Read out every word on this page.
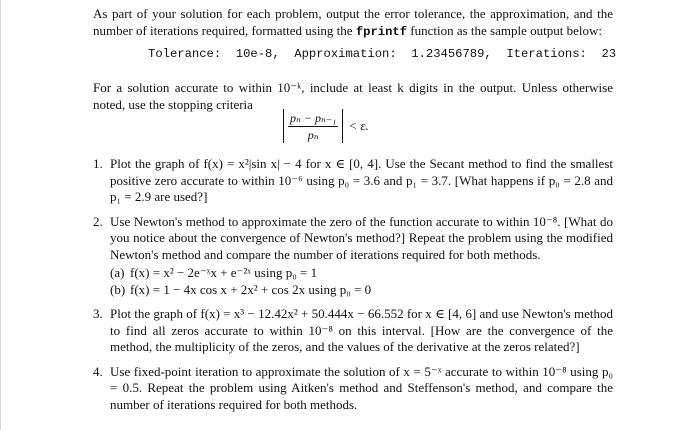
As part of your solution for each problem, output the error tolerance, the approximation, and the number of iterations required, formatted using the fprintf function as the sample output below:

Tolerance:  10e-8,  Approximation:  1.23456789,  Iterations:  23

For a solution accurate to within 10⁻ᵏ, include at least k digits in the output. Unless otherwise noted, use the stopping criteria

$\frac{\text{pₙ − pₙ₋₁}}{\text{pₙ}} < \varepsilon$.
1. Plot the graph of f(x) = x²|sin x| − 4 for x ∈ [0, 4]. Use the Secant method to find the smallest positive zero accurate to within 10⁻⁶ using p₀ = 3.6 and p₁ = 3.7. [What happens if p₀ = 2.8 and p₁ = 2.9 are used?]
2. Use Newton's method to approximate the zero of the function accurate to within 10⁻⁸. [What do you notice about the convergence of Newton's method?] Repeat the problem using the modified Newton's method and compare the number of iterations required for both methods.
(a) f(x) = x² − 2e⁻ˣx + e⁻²ˣ using p₀ = 1
(b) f(x) = 1 − 4x cos x + 2x² + cos 2x using p₀ = 0
3. Plot the graph of f(x) = x³ − 12.42x² + 50.444x − 66.552 for x ∈ [4, 6] and use Newton's method to find all zeros accurate to within 10⁻⁸ on this interval. [How are the convergence of the method, the multiplicity of the zeros, and the values of the derivative at the zeros related?]
4. Use fixed-point iteration to approximate the solution of x = 5⁻ˣ accurate to within 10⁻⁸ using p₀ = 0.5. Repeat the problem using Aitken's method and Steffenson's method, and compare the number of iterations required for both methods.
